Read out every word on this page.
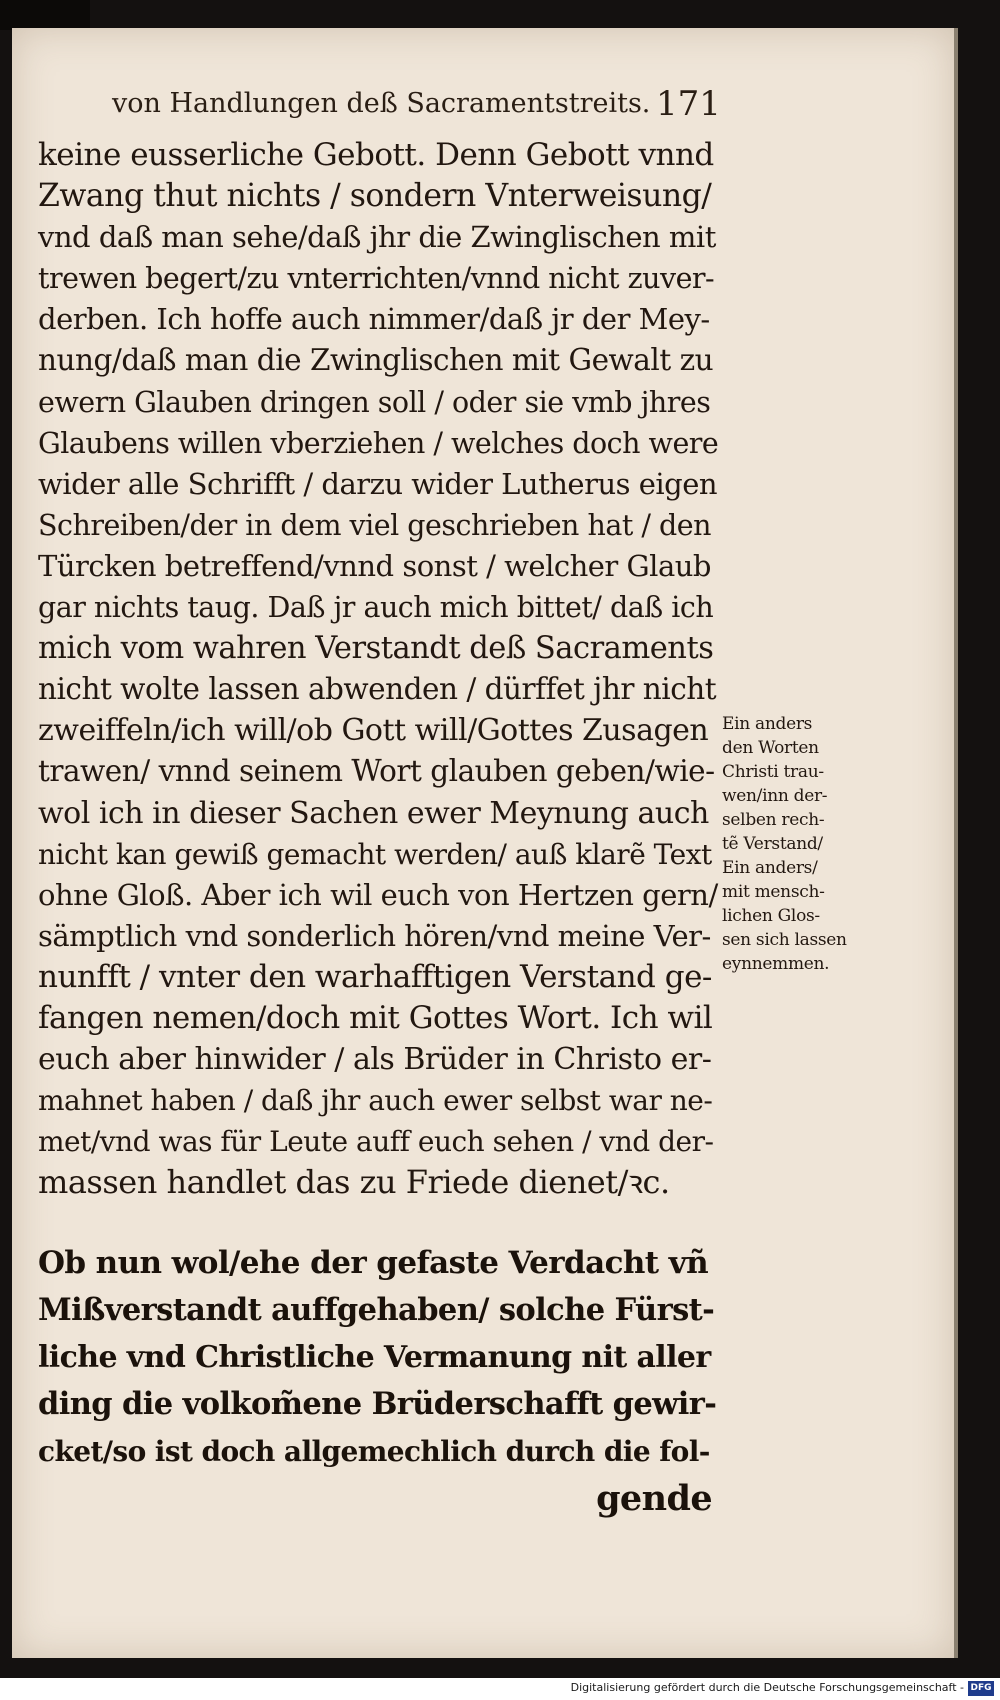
von Handlungen deß Sacramentstreits. 171
keine eusserliche Gebott. Denn Gebott vnnd
Zwang thut nichts / sondern Vnterweisung/
vnd daß man sehe/daß jhr die Zwinglischen mit
trewen begert/zu vnterrichten/vnnd nicht zuver-
derben. Ich hoffe auch nimmer/daß jr der Mey-
nung/daß man die Zwinglischen mit Gewalt zu
ewern Glauben dringen soll / oder sie vmb jhres
Glaubens willen vberziehen / welches doch were
wider alle Schrifft / darzu wider Lutherus eigen
Schreiben/der in dem viel geschrieben hat / den
Türcken betreffend/vnnd sonst / welcher Glaub
gar nichts taug. Daß jr auch mich bittet/ daß ich
mich vom wahren Verstandt deß Sacraments
nicht wolte lassen abwenden / dürffet jhr nicht
zweiffeln/ich will/ob Gott will/Gottes Zusagen
trawen/ vnnd seinem Wort glauben geben/wie-
wol ich in dieser Sachen ewer Meynung auch
nicht kan gewiß gemacht werden/ auß klarẽ Text
ohne Gloß. Aber ich wil euch von Hertzen gern/
sämptlich vnd sonderlich hören/vnd meine Ver-
nunfft / vnter den warhafftigen Verstand ge-
fangen nemen/doch mit Gottes Wort. Ich wil
euch aber hinwider / als Brüder in Christo er-
mahnet haben / daß jhr auch ewer selbst war ne-
met/vnd was für Leute auff euch sehen / vnd der-
massen handlet das zu Friede dienet/ꝛc.
Ein anders
den Worten
Christi trau-
wen/inn der-
selben rech-
tẽ Verstand/
Ein anders/
mit mensch-
lichen Glos-
sen sich lassen
eynnemmen.
Ob nun wol/ehe der gefaste Verdacht vñ
Mißverstandt auffgehaben/ solche Fürst-
liche vnd Christliche Vermanung nit aller
ding die volkom̃ene Brüderschafft gewir-
cket/so ist doch allgemechlich durch die fol-
gende
Digitalisierung gefördert durch die Deutsche Forschungsgemeinschaft - DFG
